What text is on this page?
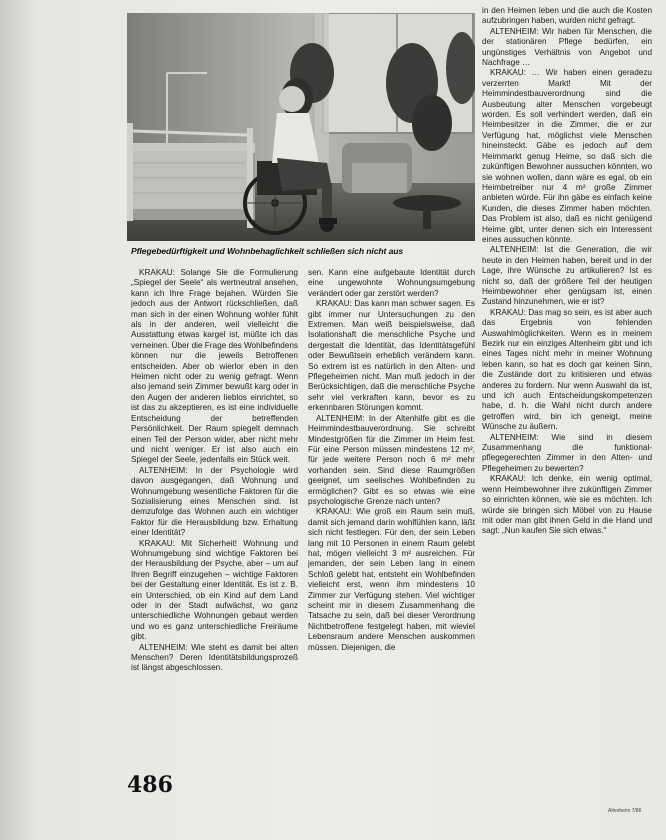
Pflegebedürftigkeit und Wohnbehaglichkeit schließen sich nicht aus

KRAKAU: Solange Sie die Formulierung „Spiegel der Seele“ als wertneutral ansehen, kann ich Ihre Frage bejahen. Würden Sie jedoch aus der Antwort rückschließen, daß man sich in der einen Wohnung wohler fühlt als in der anderen, weil vielleicht die Ausstattung etwas kargel ist, müßte ich das verneinen. Über die Frage des Wohlbefindens können nur die jeweils Betroffenen entscheiden. Aber ob wierlor eben in den Heimen nicht oder zu wenig gefragt. Wenn also jemand sein Zimmer bewußt karg oder in den Augen der anderen lieblos einrichtet, so ist das zu akzeptieren, es ist eine individuelle Entscheidung der betreffenden Persönlichkeit. Der Raum spiegelt demnach einen Teil der Person wider, aber nicht mehr und nicht weniger. Er ist also auch ein Spiegel der Seele, jedenfalls ein Stück weit.

ALTENHEIM: In der Psychologie wird davon ausgegangen, daß Wohnung und Wohnumgebung wesentliche Faktoren für die Sozialisierung eines Menschen sind. Ist demzufolge das Wohnen auch ein wichtiger Faktor für die Herausbildung bzw. Erhaltung einer Identität?

KRAKAU: Mit Sicherheit! Wohnung und Wohnumgebung sind wichtige Faktoren bei der Herausbildung der Psyche, aber – um auf Ihren Begriff einzugehen – wichtige Faktoren bei der Gestaltung einer Identität. Es ist z. B. ein Unterschied, ob ein Kind auf dem Land oder in der Stadt aufwächst, wo ganz unterschiedliche Wohnungen gebaut werden und wo es ganz unterschiedliche Freiräume gibt.

ALTENHEIM: Wie steht es damit bei alten Menschen? Deren Identitätsbildungsprozeß ist längst abgeschlossen.

sen. Kann eine aufgebaute Identität durch eine ungewohnte Wohnungsumgebung verändert oder gar zerstört werden?

KRAKAU: Das kann man schwer sagen. Es gibt immer nur Untersuchungen zu den Extremen. Man weiß beispielsweise, daß Isolationshaft die menschliche Psyche und dergestalt die Identität, das Identitätsgefühl oder Bewußtsein erheblich verändern kann. So extrem ist es natürlich in den Alten- und Pflegeheimen nicht. Man muß jedoch in der Berücksichtigen, daß die menschliche Psyche sehr viel verkraften kann, bevor es zu erkennbaren Störungen kommt.

ALTENHEIM: In der Altenhilfe gibt es die Heimmindestbauverordnung. Sie schreibt Mindestgrößen für die Zimmer im Heim fest. Für eine Person müssen mindestens 12 m², für jede weitere Person noch 6 m² mehr vorhanden sein. Sind diese Raumgrößen geeignet, um seelisches Wohlbefinden zu ermöglichen? Gibt es so etwas wie eine psychologische Grenze nach unten?

KRAKAU: Wie groß ein Raum sein muß, damit sich jemand darin wohlfühlen kann, läßt sich nicht festlegen. Für den, der sein Leben lang mit 10 Personen in einem Raum gelebt hat, mögen vielleicht 3 m² ausreichen. Für jemanden, der sein Leben lang in einem Schloß gelebt hat, entsteht ein Wohlbefinden vielleicht erst, wenn ihm mindestens 10 Zimmer zur Verfügung stehen. Viel wichtiger scheint mir in diesem Zusammenhang die Tatsache zu sein, daß bei dieser Verordnung Nichtbetroffene festgelegt haben, mit wieviel Lebensraum andere Menschen auskommen müssen. Diejenigen, die

in den Heimen leben und die auch die Kosten aufzubringen haben, wurden nicht gefragt.

ALTENHEIM: Wir haben für Menschen, die der stationären Pflege bedürfen, ein ungünstiges Verhältnis von Angebot und Nachfrage …

KRAKAU: … Wir haben einen geradezu verzerrten Markt! Mit der Heimmindestbauverordnung sind die Ausbeutung alter Menschen vorgebeugt worden. Es soll verhindert werden, daß ein Heimbesitzer in die Zimmer, die er zur Verfügung hat, möglichst viele Menschen hineinsteckt. Gäbe es jedoch auf dem Heimmarkt genug Heime, so daß sich die zukünftigen Bewohner aussuchen könnten, wo sie wohnen wollen, dann wäre es egal, ob ein Heimbetreiber nur 4 m² große Zimmer anbieten würde. Für ihn gäbe es einfach keine Kunden, die dieses Zimmer haben möchten. Das Problem ist also, daß es nicht genügend Heime gibt, unter denen sich ein Interessent eines aussuchen könnte.

ALTENHEIM: Ist die Generation, die wir heute in den Heimen haben, bereit und in der Lage, ihre Wünsche zu artikulieren? Ist es nicht so, daß der größere Teil der heutigen Heimbewohner eher genügsam ist, einen Zustand hinzunehmen, wie er ist?

KRAKAU: Das mag so sein, es ist aber auch das Ergebnis von fehlenden Auswahlmöglichkeiten. Wenn es in meinem Bezirk nur ein einziges Altenheim gibt und ich eines Tages nicht mehr in meiner Wohnung leben kann, so hat es doch gar keinen Sinn, die Zustände dort zu kritisieren und etwas anderes zu fordern. Nur wenn Auswahl da ist, und ich auch Entscheidungskompetenzen habe, d. h. die Wahl nicht durch andere getroffen wird, bin ich geneigt, meine Wünsche zu äußern.

ALTENHEIM: Wie sind in diesem Zusammenhang die funktional-pflegegerechten Zimmer in den Alten- und Pflegeheimen zu bewerten?

KRAKAU: Ich denke, ein wenig optimal, wenn Heimbewohner ihre zukünftigen Zimmer so einrichten können, wie sie es möchten. Ich würde sie bringen sich Möbel von zu Hause mit oder man gibt ihnen Geld in die Hand und sagt: „Nun kaufen Sie sich etwas.“

486
Altenheim 7/86
